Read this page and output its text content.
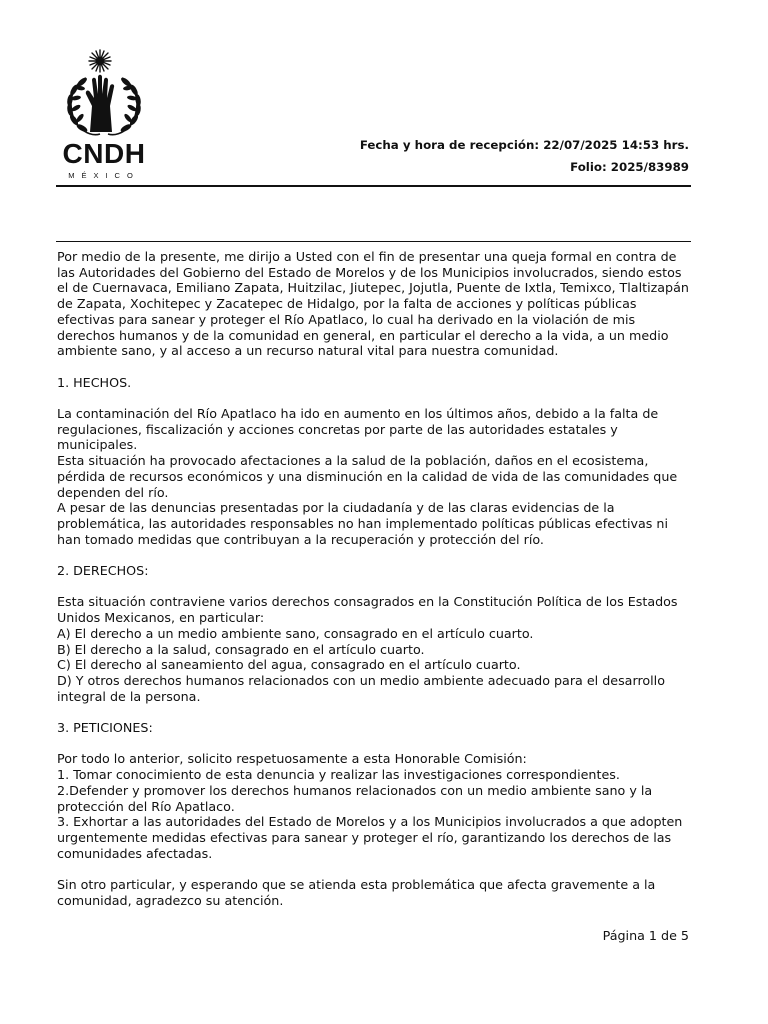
CNDH
MÉXICO
Fecha y hora de recepción: 22/07/2025 14:53 hrs.
Folio: 2025/83989

Por medio de la presente, me dirijo a Usted con el fin de presentar una queja formal en contra de las Autoridades del Gobierno del Estado de Morelos y de los Municipios involucrados, siendo estos el de Cuernavaca, Emiliano Zapata, Huitzilac, Jiutepec, Jojutla, Puente de Ixtla, Temixco, Tlaltizapán de Zapata, Xochitepec y Zacatepec de Hidalgo, por la falta de acciones y políticas públicas efectivas para sanear y proteger el Río Apatlaco, lo cual ha derivado en la violación de mis derechos humanos y de la comunidad en general, en particular el derecho a la vida, a un medio ambiente sano, y al acceso a un recurso natural vital para nuestra comunidad.

1. HECHOS.

La contaminación del Río Apatlaco ha ido en aumento en los últimos años, debido a la falta de regulaciones, fiscalización y acciones concretas por parte de las autoridades estatales y municipales.
Esta situación ha provocado afectaciones a la salud de la población, daños en el ecosistema, pérdida de recursos económicos y una disminución en la calidad de vida de las comunidades que dependen del río.
A pesar de las denuncias presentadas por la ciudadanía y de las claras evidencias de la problemática, las autoridades responsables no han implementado políticas públicas efectivas ni han tomado medidas que contribuyan a la recuperación y protección del río.

2. DERECHOS:

Esta situación contraviene varios derechos consagrados en la Constitución Política de los Estados Unidos Mexicanos, en particular:
A) El derecho a un medio ambiente sano, consagrado en el artículo cuarto.
B) El derecho a la salud, consagrado en el artículo cuarto.
C) El derecho al saneamiento del agua, consagrado en el artículo cuarto.
D) Y otros derechos humanos relacionados con un medio ambiente adecuado para el desarrollo integral de la persona.

3. PETICIONES:

Por todo lo anterior, solicito respetuosamente a esta Honorable Comisión:
1. Tomar conocimiento de esta denuncia y realizar las investigaciones correspondientes.
2.Defender y promover los derechos humanos relacionados con un medio ambiente sano y la protección del Río Apatlaco.
3. Exhortar a las autoridades del Estado de Morelos y a los Municipios involucrados a que adopten urgentemente medidas efectivas para sanear y proteger el río, garantizando los derechos de las comunidades afectadas.

Sin otro particular, y esperando que se atienda esta problemática que afecta gravemente a la comunidad, agradezco su atención.

Página 1 de 5
